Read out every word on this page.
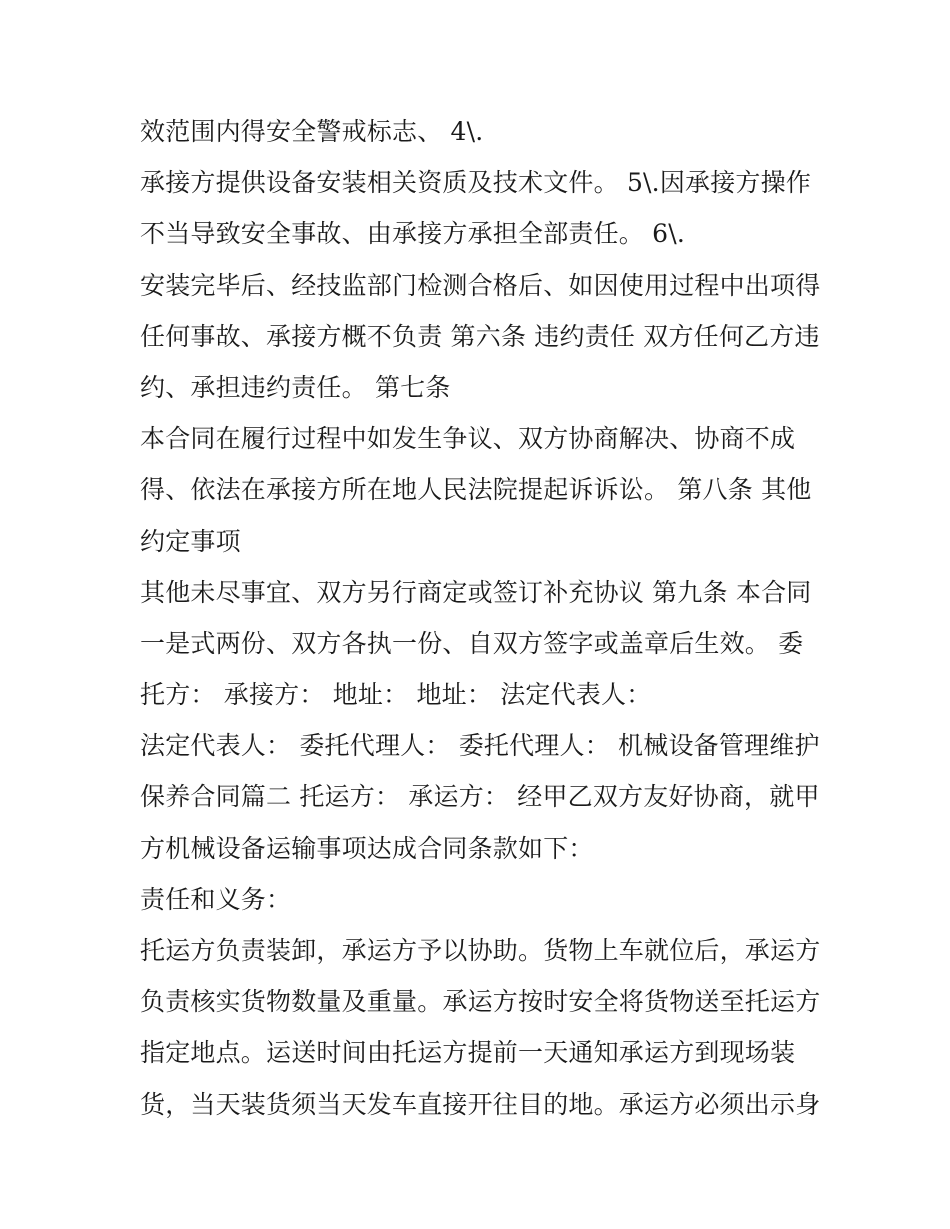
效范围内得安全警戒标志、 4\.
承接方提供设备安装相关资质及技术文件。 5\.因承接方操作
不当导致安全事故、由承接方承担全部责任。 6\.
安装完毕后、经技监部门检测合格后、如因使用过程中出项得
任何事故、承接方概不负责 第六条 违约责任 双方任何乙方违
约、承担违约责任。 第七条
本合同在履行过程中如发生争议、双方协商解决、协商不成
得、依法在承接方所在地人民法院提起诉诉讼。 第八条 其他
约定事项
其他未尽事宜、双方另行商定或签订补充协议 第九条 本合同
一是式两份、双方各执一份、自双方签字或盖章后生效。 委
托方： 承接方： 地址： 地址： 法定代表人：
法定代表人： 委托代理人： 委托代理人： 机械设备管理维护
保养合同篇二 托运方： 承运方： 经甲乙双方友好协商，就甲
方机械设备运输事项达成合同条款如下：
责任和义务：
托运方负责装卸，承运方予以协助。货物上车就位后，承运方
负责核实货物数量及重量。承运方按时安全将货物送至托运方
指定地点。运送时间由托运方提前一天通知承运方到现场装
货，当天装货须当天发车直接开往目的地。承运方必须出示身
